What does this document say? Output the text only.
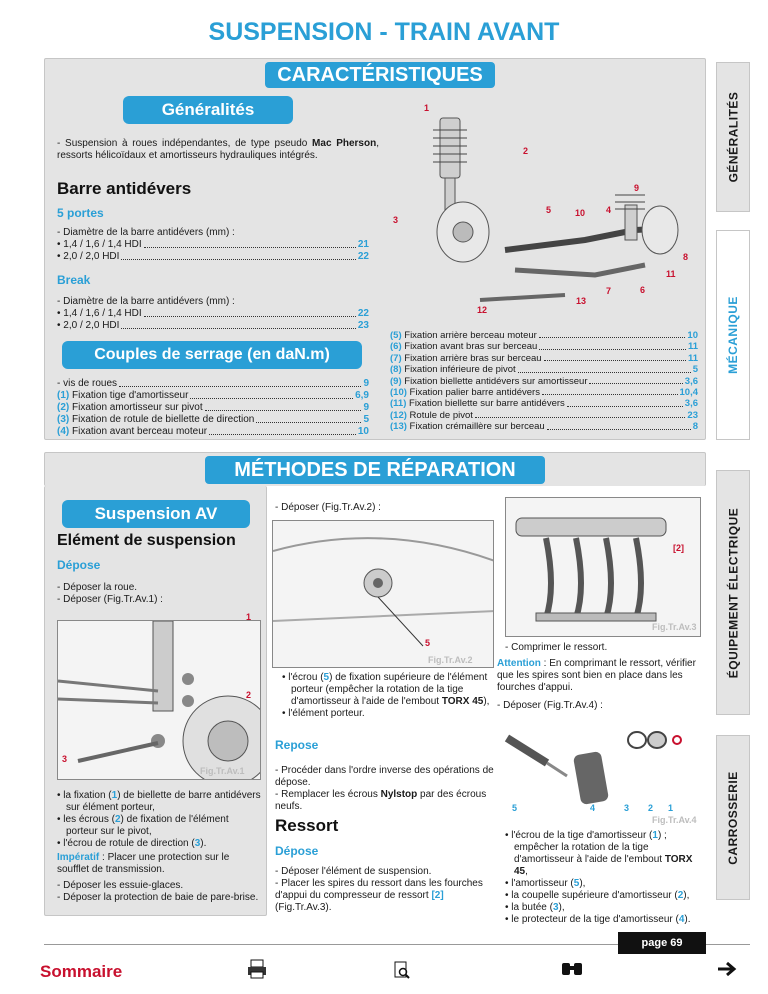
SUSPENSION - TRAIN AVANT
GÉNÉRALITÉS
MÉCANIQUE
ÉQUIPEMENT ÉLECTRIQUE
CARROSSERIE
CARACTÉRISTIQUES
Généralités
- Suspension à roues indépendantes, de type pseudo Mac Pherson, ressorts hélicoïdaux et amortisseurs hydrauliques intégrés.
Barre antidévers
5 portes
- Diamètre de la barre antidévers (mm) :
• 1,4 / 1,6 / 1,4 HDI	21
• 2,0 / 2,0 HDI	22
Break
- Diamètre de la barre antidévers (mm) :
• 1,4 / 1,6 / 1,4 HDI	22
• 2,0 / 2,0 HDI	23
Couples de serrage (en daN.m)
- vis de roues	9
(1) Fixation tige d'amortisseur	6,9
(2) Fixation amortisseur sur pivot	9
(3) Fixation de rotule de biellette de direction	5
(4) Fixation avant berceau moteur	10
1
2
9
3
5	10 4
8
11
7	6
13
12
(5) Fixation arrière berceau moteur	10
(6) Fixation avant bras sur berceau	11
(7) Fixation arrière bras sur berceau	11
(8) Fixation inférieure de pivot	5
(9) Fixation biellette antidévers sur amortisseur	3,6
(10) Fixation palier barre antidévers	10,4
(11) Fixation biellette sur barre antidévers	3,6
(12) Rotule de pivot	23
(13) Fixation crémaillère sur berceau	8
MÉTHODES DE RÉPARATION
Suspension AV
Elément de suspension
Dépose
- Déposer la roue.
- Déposer (Fig.Tr.Av.1) :
1
2
3
Fig.Tr.Av.1
• la fixation (1) de biellette de barre antidévers sur élément porteur,
• les écrous (2) de fixation de l'élément porteur sur le pivot,
• l'écrou de rotule de direction (3).
Impératif : Placer une protection sur le soufflet de transmission.
- Déposer les essuie-glaces.
- Déposer la protection de baie de pare-brise.
- Déposer (Fig.Tr.Av.2) :
5
Fig.Tr.Av.2
• l'écrou (5) de fixation supérieure de l'élément porteur (empêcher la rotation de la tige d'amortisseur à l'aide de l'embout TORX 45),
• l'élément porteur.
Repose
- Procéder dans l'ordre inverse des opérations de dépose.
- Remplacer les écrous Nylstop par des écrous neufs.
Ressort
Dépose
- Déposer l'élément de suspension.
- Placer les spires du ressort dans les fourches d'appui du compresseur de ressort [2] (Fig.Tr.Av.3).
[2]
Fig.Tr.Av.3
- Comprimer le ressort.
Attention : En comprimant le ressort, vérifier que les spires sont bien en place dans les fourches d'appui.
- Déposer (Fig.Tr.Av.4) :
5	4	3 2 1
Fig.Tr.Av.4
• l'écrou de la tige d'amortisseur (1) ; empêcher la rotation de la tige d'amortisseur à l'aide de l'embout TORX 45,
• l'amortisseur (5),
• la coupelle supérieure d'amortisseur (2),
• la butée (3),
• le protecteur de la tige d'amortisseur (4).
page 69
Sommaire
